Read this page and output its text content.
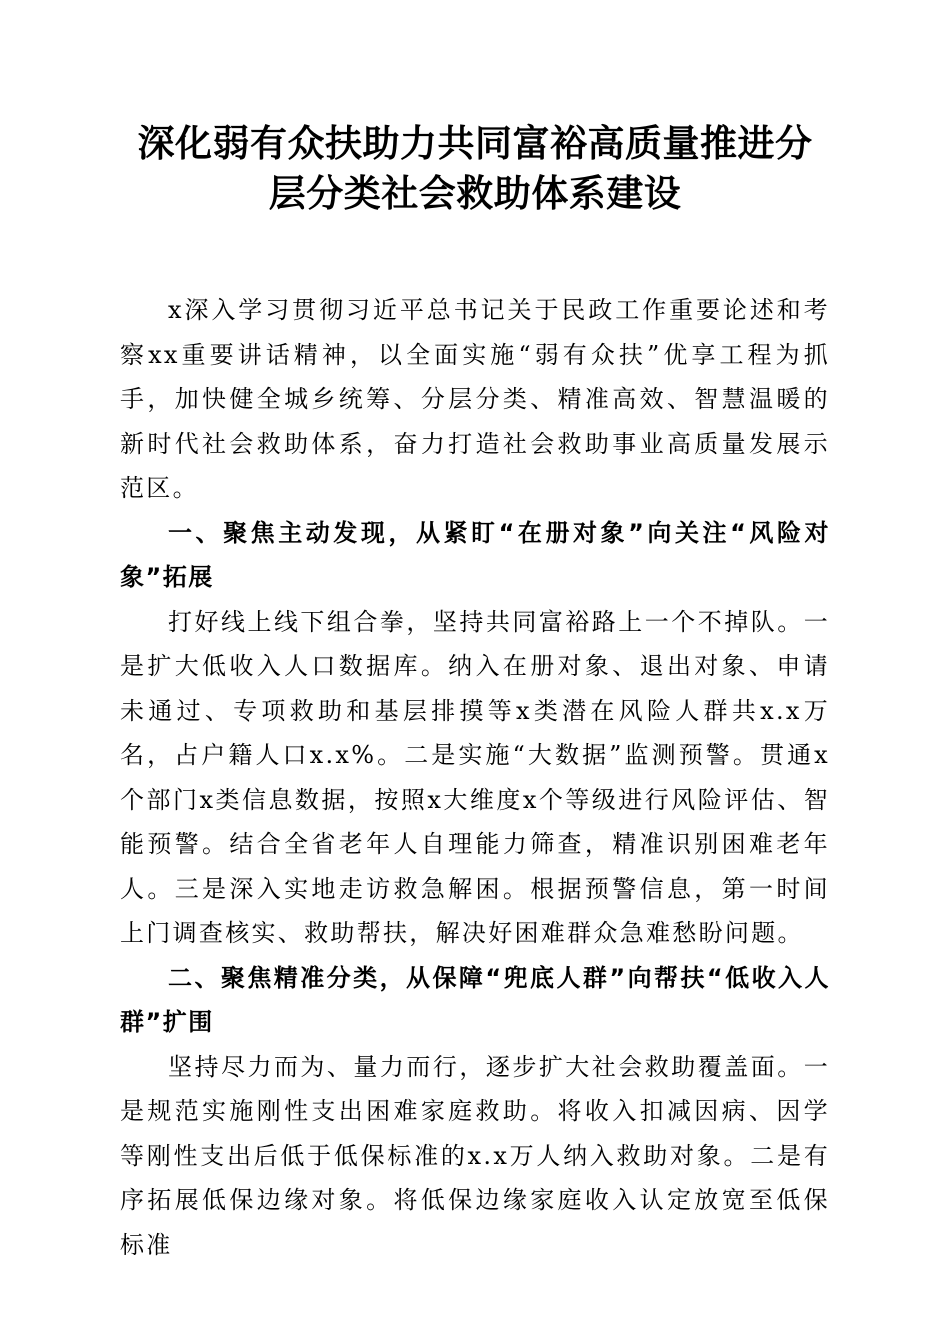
深化弱有众扶助力共同富裕高质量推进分层分类社会救助体系建设

x深入学习贯彻习近平总书记关于民政工作重要论述和考察xx重要讲话精神，以全面实施“弱有众扶”优享工程为抓手，加快健全城乡统筹、分层分类、精准高效、智慧温暖的新时代社会救助体系，奋力打造社会救助事业高质量发展示范区。

一、聚焦主动发现，从紧盯“在册对象”向关注“风险对象”拓展

打好线上线下组合拳，坚持共同富裕路上一个不掉队。一是扩大低收入人口数据库。纳入在册对象、退出对象、申请未通过、专项救助和基层排摸等x类潜在风险人群共x.x万名，占户籍人口x.x%。二是实施“大数据”监测预警。贯通x个部门x类信息数据，按照x大维度x个等级进行风险评估、智能预警。结合全省老年人自理能力筛查，精准识别困难老年人。三是深入实地走访救急解困。根据预警信息，第一时间上门调查核实、救助帮扶，解决好困难群众急难愁盼问题。

二、聚焦精准分类，从保障“兜底人群”向帮扶“低收入人群”扩围

坚持尽力而为、量力而行，逐步扩大社会救助覆盖面。一是规范实施刚性支出困难家庭救助。将收入扣减因病、因学等刚性支出后低于低保标准的x.x万人纳入救助对象。二是有序拓展低保边缘对象。将低保边缘家庭收入认定放宽至低保标准
